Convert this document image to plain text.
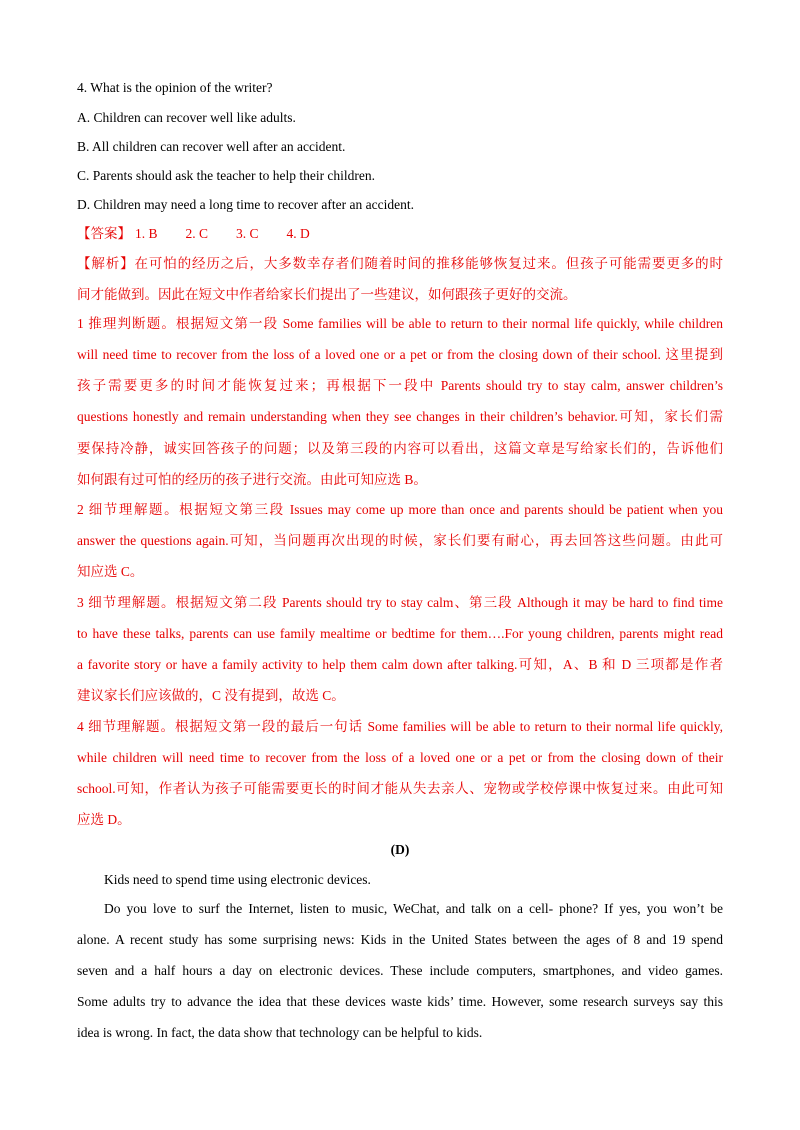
4. What is the opinion of the writer?
A. Children can recover well like adults.
B. All children can recover well after an accident.
C. Parents should ask the teacher to help their children.
D. Children may need a long time to recover after an accident.
【答案】 1. B 2. C 3. C 4. D
【解析】在可怕的经历之后，大多数幸存者们随着时间的推移能够恢复过来。但孩子可能需要更多的时
间才能做到。因此在短文中作者给家长们提出了一些建议，如何跟孩子更好的交流。
1 推理判断题。根据短文第一段 Some families will be able to return to their normal life quickly, while children
will need time to recover from the loss of a loved one or a pet or from the closing down of their school. 这里提到
孩子需要更多的时间才能恢复过来；再根据下一段中 Parents should try to stay calm, answer children’s
questions honestly and remain understanding when they see changes in their children’s behavior.可知，家长们需
要保持冷静，诚实回答孩子的问题；以及第三段的内容可以看出，这篇文章是写给家长们的，告诉他们
如何跟有过可怕的经历的孩子进行交流。由此可知应选 B。
2 细节理解题。根据短文第三段 Issues may come up more than once and parents should be patient when you
answer the questions again.可知，当问题再次出现的时候，家长们要有耐心，再去回答这些问题。由此可
知应选 C。
3 细节理解题。根据短文第二段 Parents should try to stay calm、第三段 Although it may be hard to find time
to have these talks, parents can use family mealtime or bedtime for them….For young children, parents might read
a favorite story or have a family activity to help them calm down after talking.可知，A、B 和 D 三项都是作者
建议家长们应该做的，C 没有提到，故选 C。
4 细节理解题。根据短文第一段的最后一句话 Some families will be able to return to their normal life quickly,
while children will need time to recover from the loss of a loved one or a pet or from the closing down of their
school.可知，作者认为孩子可能需要更长的时间才能从失去亲人、宠物或学校停课中恢复过来。由此可知
应选 D。
(D)
Kids need to spend time using electronic devices.
Do you love to surf the Internet, listen to music, WeChat, and talk on a cell- phone? If yes, you won’t be
alone. A recent study has some surprising news: Kids in the United States between the ages of 8 and 19 spend
seven and a half hours a day on electronic devices. These include computers, smartphones, and video games.
Some adults try to advance the idea that these devices waste kids’ time. However, some research surveys say this
idea is wrong. In fact, the data show that technology can be helpful to kids.
